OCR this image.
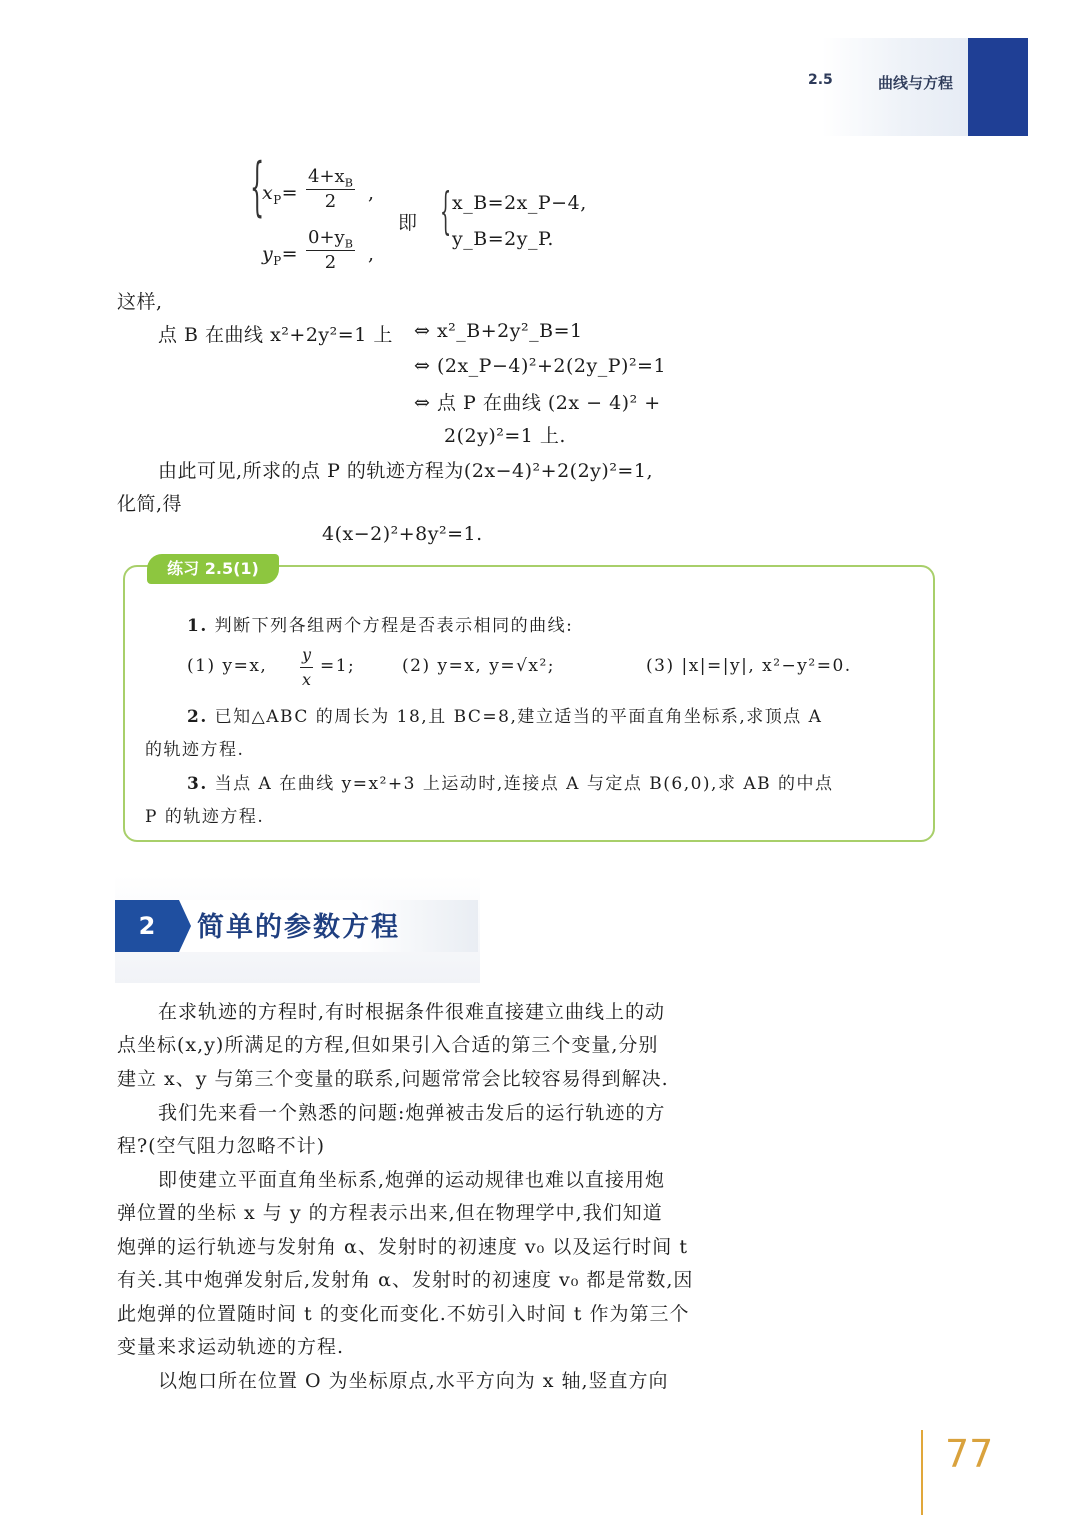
2.5	曲线与方程
{
$x_P= \frac{4+x_B}{2}$ ,
$y_P= \frac{0+y_B}{2}$ ,
即 { x_B=2x_P−4,
y_B=2y_P.
这样,
点 B 在曲线 x²+2y²=1 上 ⇔ x²_B+2y²_B=1
⇔ (2x_P−4)²+2(2y_P)²=1
⇔ 点 P 在曲线 (2x − 4)² +
2(2y)²=1 上.
由此可见,所求的点 P 的轨迹方程为(2x−4)²+2(2y)²=1,
化简,得
4(x−2)²+8y²=1.
练习 2.5(1)
1. 判断下列各组两个方程是否表示相同的曲线:
(1) y=x, $\frac{y}{x} =1$;	(2) y=x, y=√x²;	(3) |x|=|y|, x²−y²=0.
2. 已知△ABC 的周长为 18,且 BC=8,建立适当的平面直角坐标系,求顶点 A
的轨迹方程.
3. 当点 A 在曲线 y=x²+3 上运动时,连接点 A 与定点 B(6,0),求 AB 的中点
P 的轨迹方程.
2	简单的参数方程
在求轨迹的方程时,有时根据条件很难直接建立曲线上的动
点坐标(x,y)所满足的方程,但如果引入合适的第三个变量,分别
建立 x、y 与第三个变量的联系,问题常常会比较容易得到解决.
我们先来看一个熟悉的问题:炮弹被击发后的运行轨迹的方
程?(空气阻力忽略不计)
即使建立平面直角坐标系,炮弹的运动规律也难以直接用炮
弹位置的坐标 x 与 y 的方程表示出来,但在物理学中,我们知道
炮弹的运行轨迹与发射角 α、发射时的初速度 v₀ 以及运行时间 t
有关.其中炮弹发射后,发射角 α、发射时的初速度 v₀ 都是常数,因
此炮弹的位置随时间 t 的变化而变化.不妨引入时间 t 作为第三个
变量来求运动轨迹的方程.
以炮口所在位置 O 为坐标原点,水平方向为 x 轴,竖直方向
77
